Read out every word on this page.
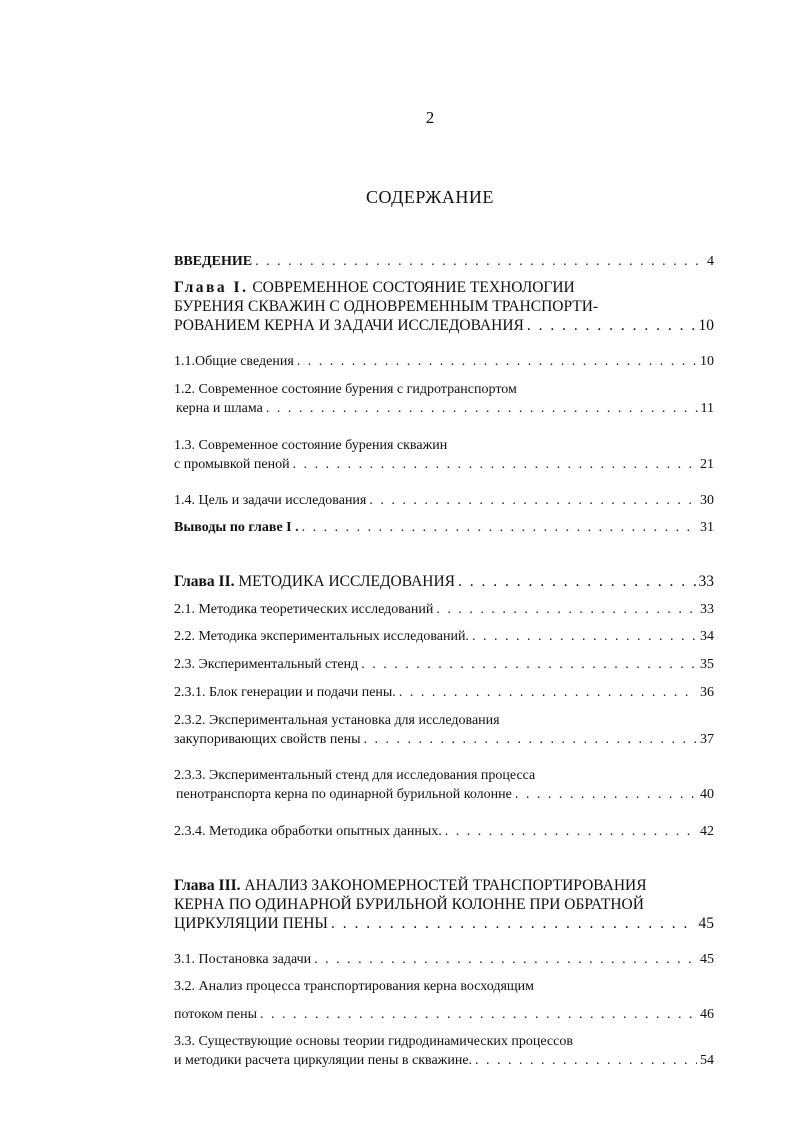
2
СОДЕРЖАНИЕ
ВВЕДЕНИЕ . . .	4
Глава I. СОВРЕМЕННОЕ СОСТОЯНИЕ ТЕХНОЛОГИИ
БУРЕНИЯ СКВАЖИН С ОДНОВРЕМЕННЫМ ТРАНСПОРТИ-
РОВАНИЕМ КЕРНА И ЗАДАЧИ ИССЛЕДОВАНИЯ . . .	10
1.1.Общие сведения . . .	10
1.2. Современное состояние бурения с гидротранспортом
керна и шлама . . .	11
1.3. Современное состояние бурения скважин
с промывкой пеной . . .	21
1.4. Цель и задачи исследования . . .	30
Выводы по главе I . . . .	31
Глава II. МЕТОДИКА ИССЛЕДОВАНИЯ . . .	33
2.1. Методика теоретических исследований . . .	33
2.2. Методика экспериментальных исследований. . . .	34
2.3. Экспериментальный стенд . . .	35
2.3.1. Блок генерации и подачи пены. . . .	36
2.3.2. Экспериментальная установка для исследования
закупоривающих свойств пены . . .	37
2.3.3. Экспериментальный стенд для исследования процесса
пенотранспорта керна по одинарной бурильной колонне . . .	40
2.3.4. Методика обработки опытных данных. . . .	42
Глава III. АНАЛИЗ ЗАКОНОМЕРНОСТЕЙ ТРАНСПОРТИРОВАНИЯ
КЕРНА ПО ОДИНАРНОЙ БУРИЛЬНОЙ КОЛОННЕ ПРИ ОБРАТНОЙ
ЦИРКУЛЯЦИИ ПЕНЫ . . .	45
3.1. Постановка задачи . . .	45
3.2. Анализ процесса транспортирования керна восходящим
потоком пены . . .	46
3.3. Существующие основы теории гидродинамических процессов
и методики расчета циркуляции пены в скважине. . . .	54
